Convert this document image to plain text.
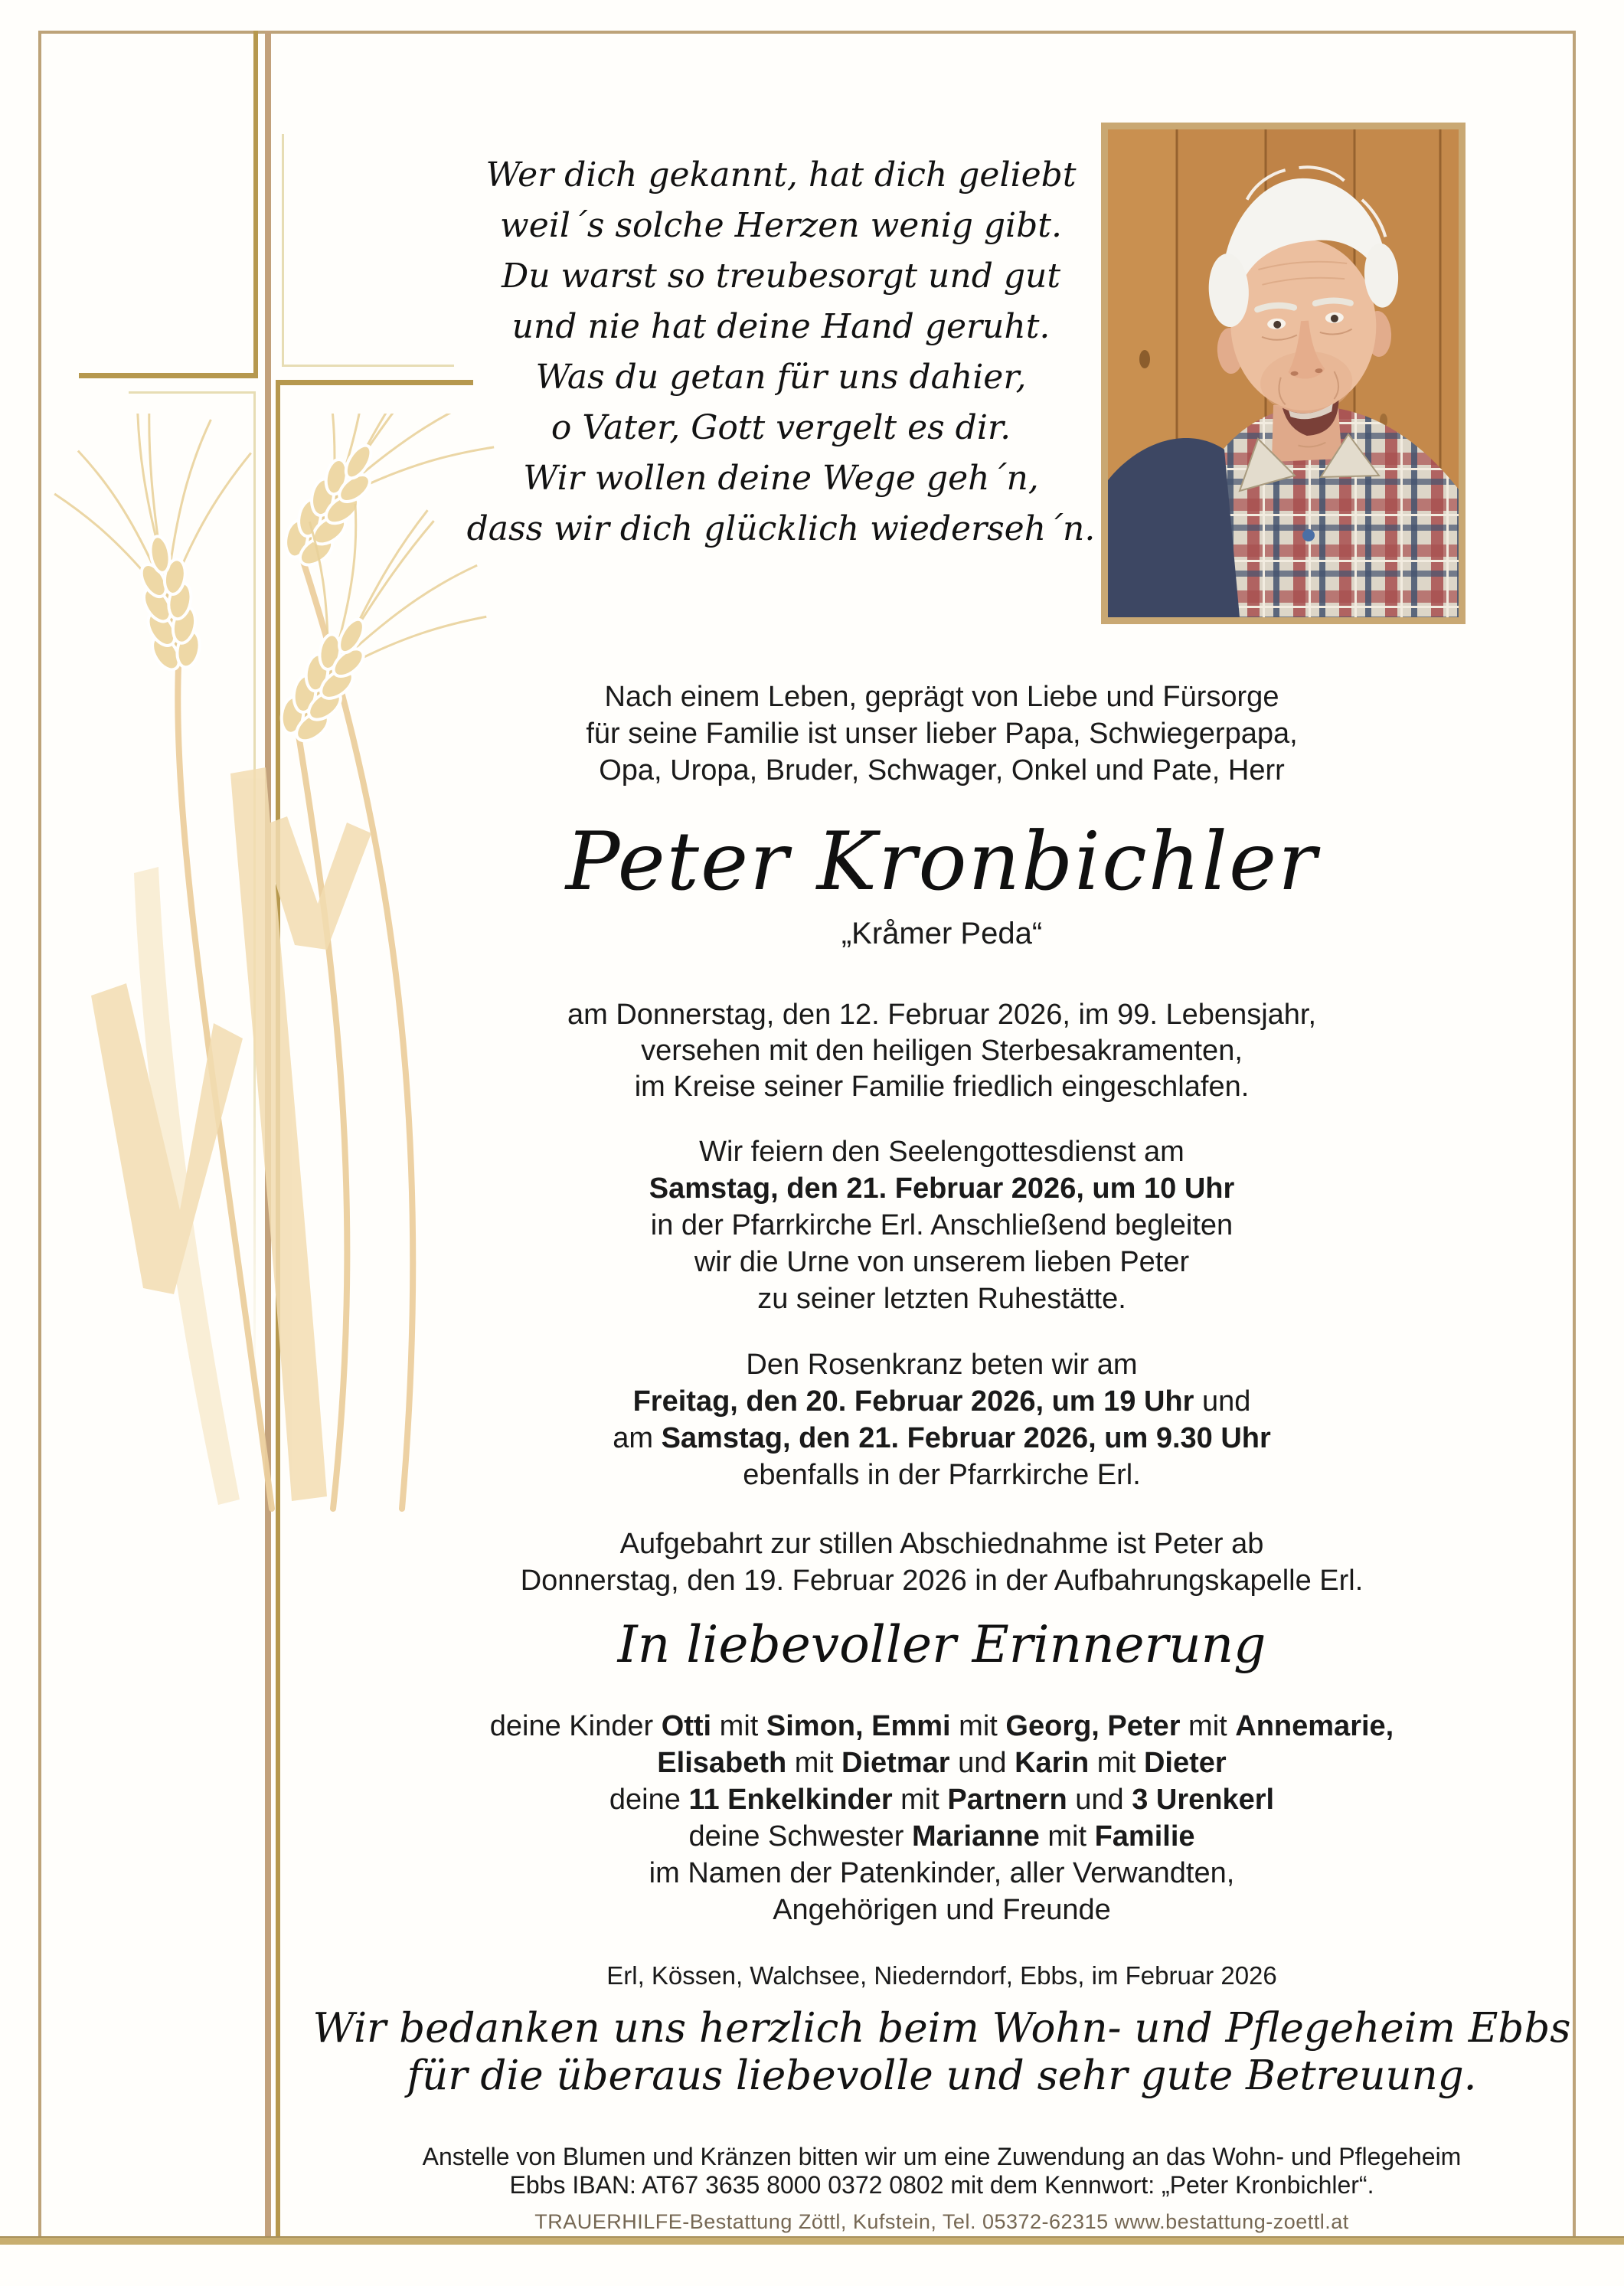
Wer dich gekannt, hat dich geliebt
weil´s solche Herzen wenig gibt.
Du warst so treubesorgt und gut
und nie hat deine Hand geruht.
Was du getan für uns dahier,
o Vater, Gott vergelt es dir.
Wir wollen deine Wege geh´n,
dass wir dich glücklich wiederseh´n.
Nach einem Leben, geprägt von Liebe und Fürsorge
für seine Familie ist unser lieber Papa, Schwiegerpapa,
Opa, Uropa, Bruder, Schwager, Onkel und Pate, Herr
Peter Kronbichler
„Kråmer Peda“
am Donnerstag, den 12. Februar 2026, im 99. Lebensjahr,
versehen mit den heiligen Sterbesakramenten,
im Kreise seiner Familie friedlich eingeschlafen.
Wir feiern den Seelengottesdienst am
Samstag, den 21. Februar 2026, um 10 Uhr
in der Pfarrkirche Erl. Anschließend begleiten
wir die Urne von unserem lieben Peter
zu seiner letzten Ruhestätte.
Den Rosenkranz beten wir am
Freitag, den 20. Februar 2026, um 19 Uhr und
am Samstag, den 21. Februar 2026, um 9.30 Uhr
ebenfalls in der Pfarrkirche Erl.
Aufgebahrt zur stillen Abschiednahme ist Peter ab
Donnerstag, den 19. Februar 2026 in der Aufbahrungskapelle Erl.
In liebevoller Erinnerung
deine Kinder Otti mit Simon, Emmi mit Georg, Peter mit Annemarie,
Elisabeth mit Dietmar und Karin mit Dieter
deine 11 Enkelkinder mit Partnern und 3 Urenkerl
deine Schwester Marianne mit Familie
im Namen der Patenkinder, aller Verwandten,
Angehörigen und Freunde
Erl, Kössen, Walchsee, Niederndorf, Ebbs, im Februar 2026
Wir bedanken uns herzlich beim Wohn- und Pflegeheim Ebbs
für die überaus liebevolle und sehr gute Betreuung.
Anstelle von Blumen und Kränzen bitten wir um eine Zuwendung an das Wohn- und Pflegeheim
Ebbs IBAN: AT67 3635 8000 0372 0802 mit dem Kennwort: „Peter Kronbichler“.
TRAUERHILFE-Bestattung Zöttl, Kufstein, Tel. 05372-62315 www.bestattung-zoettl.at
